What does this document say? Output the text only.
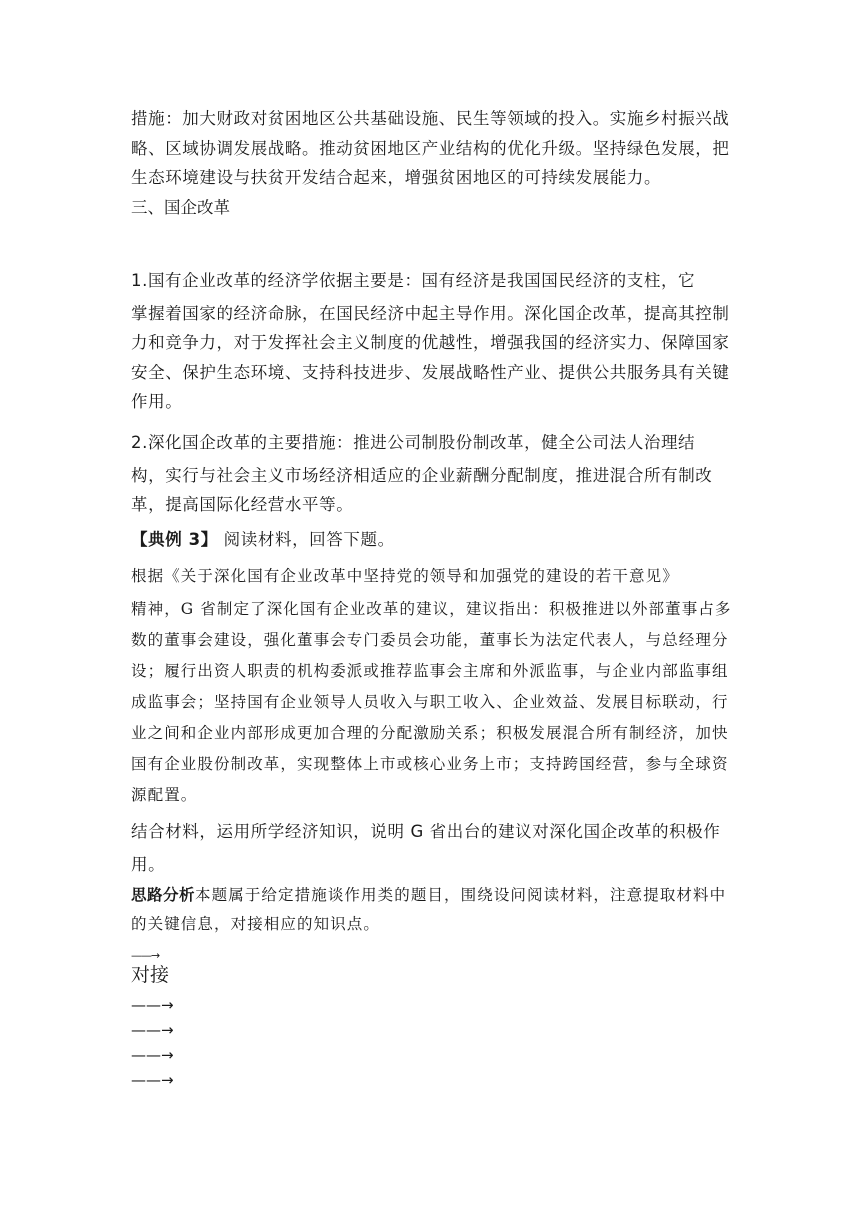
措施：加大财政对贫困地区公共基础设施、民生等领域的投入。实施乡村振兴战略、区域协调发展战略。推动贫困地区产业结构的优化升级。坚持绿色发展，把生态环境建设与扶贫开发结合起来，增强贫困地区的可持续发展能力。

三、国企改革

1.国有企业改革的经济学依据主要是：国有经济是我国国民经济的支柱，它
掌握着国家的经济命脉，在国民经济中起主导作用。深化国企改革，提高其控制力和竞争力，对于发挥社会主义制度的优越性，增强我国的经济实力、保障国家安全、保护生态环境、支持科技进步、发展战略性产业、提供公共服务具有关键作用。

2.深化国企改革的主要措施：推进公司制股份制改革，健全公司法人治理结
构，实行与社会主义市场经济相适应的企业薪酬分配制度，推进混合所有制改革，提高国际化经营水平等。

【典例 3】 阅读材料，回答下题。

根据《关于深化国有企业改革中坚持党的领导和加强党的建设的若干意见》
精神，G 省制定了深化国有企业改革的建议，建议指出：积极推进以外部董事占多数的董事会建设，强化董事会专门委员会功能，董事长为法定代表人，与总经理分设；履行出资人职责的机构委派或推荐监事会主席和外派监事，与企业内部监事组成监事会；坚持国有企业领导人员收入与职工收入、企业效益、发展目标联动，行业之间和企业内部形成更加合理的分配激励关系；积极发展混合所有制经济，加快国有企业股份制改革，实现整体上市或核心业务上市；支持跨国经营，参与全球资源配置。

结合材料，运用所学经济知识，说明 G 省出台的建议对深化国企改革的积极作用。

思路分析本题属于给定措施谈作用类的题目，围绕设问阅读材料，注意提取材料中的关键信息，对接相应的知识点。

——→
对接
——→
——→
——→
——→
